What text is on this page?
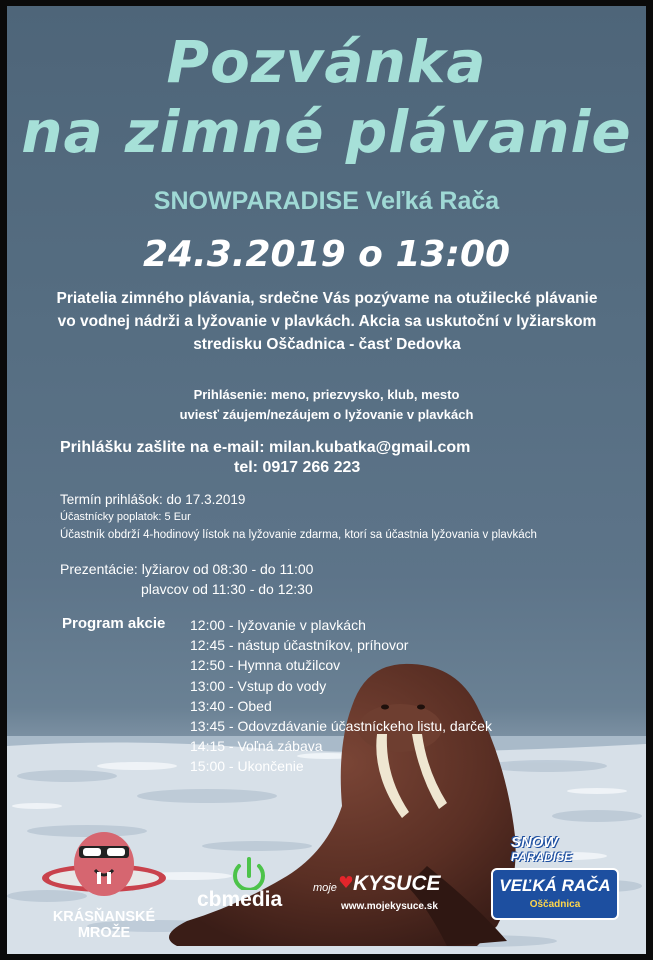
Pozvánka
na zimné plávanie
SNOWPARADISE Veľká Rača
24.3.2019 o 13:00
Priatelia zimného plávania, srdečne Vás pozývame na otužilecké plávanie
vo vodnej nádrži a lyžovanie v plavkách. Akcia sa uskutoční v lyžiarskom
stredisku Oščadnica - časť Dedovka
Prihlásenie: meno, priezvysko, klub, mesto
uviesť záujem/nezáujem o lyžovanie v plavkách
Prihlášku zašlite na e-mail: milan.kubatka@gmail.com
tel: 0917 266 223
Termín prihlášok: do 17.3.2019
Účastnícky poplatok: 5 Eur
Účastník obdrží 4-hodinový lístok na lyžovanie zdarma, ktorí sa účastnia lyžovania v plavkách
Prezentácie: lyžiarov od 08:30 - do 11:00
plavcov od 11:30 - do 12:30
Program akcie 12:00 - lyžovanie v plavkách
12:45 - nástup účastníkov, príhovor
12:50 - Hymna otužilcov
13:00 - Vstup do vody
13:40 - Obed
13:45 - Odovzdávanie účastníckeho listu, darček
14:15 - Voľná zábava
15:00 - Ukončenie
KRÁSŇANSKÉ
MROŽE
cbmedia	moje KYSUCE
www.mojekysuce.sk
SNOW
PARADISE
VEĽKÁ RAČA
Oščadnica
